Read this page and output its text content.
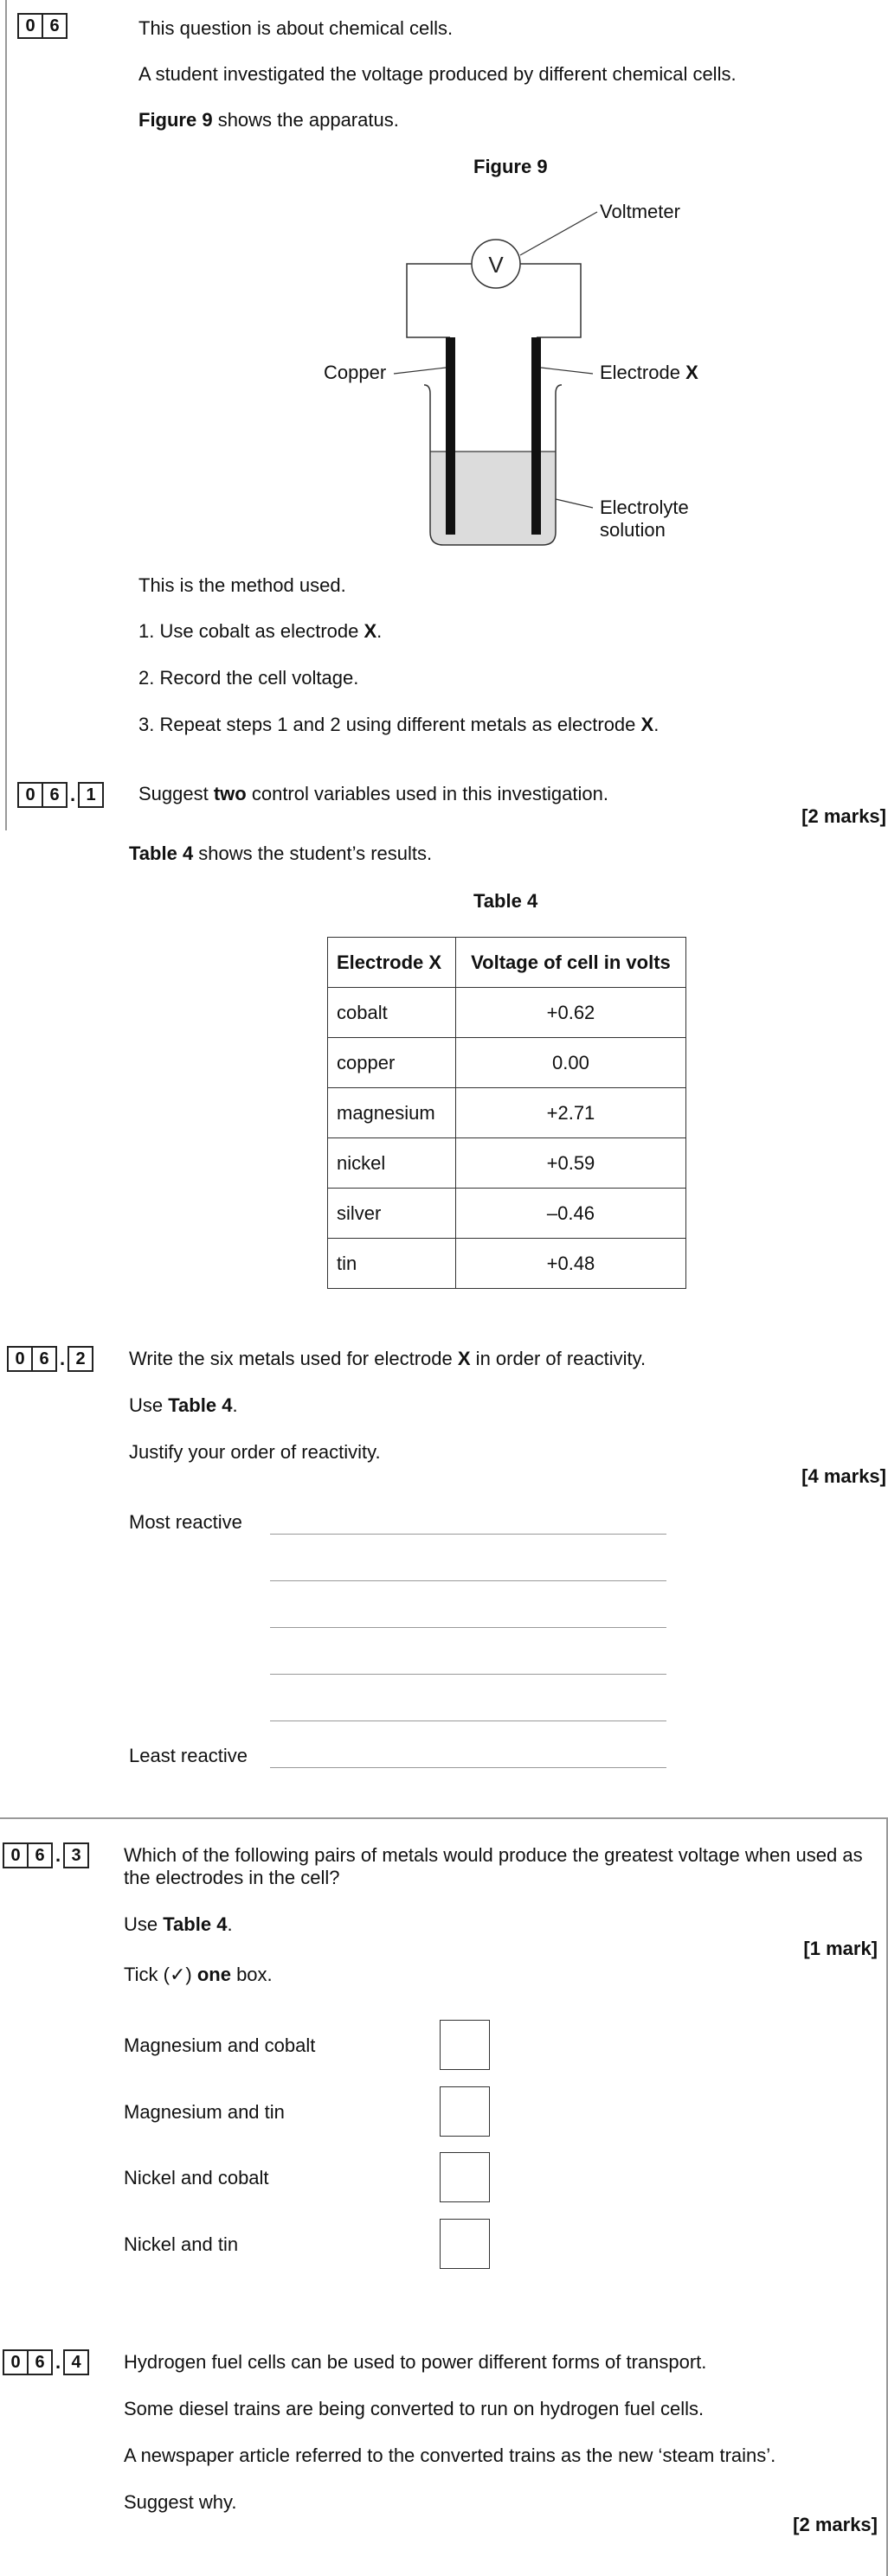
0 6	This question is about chemical cells.
A student investigated the voltage produced by different chemical cells.
Figure 9 shows the apparatus.
Figure 9
V
Voltmeter
Copper	Electrode X
Electrolyte
solution
This is the method used.
1. Use cobalt as electrode X.
2. Record the cell voltage.
3. Repeat steps 1 and 2 using different metals as electrode X.
0 6 . 1	Suggest two control variables used in this investigation.
[2 marks]
Table 4 shows the student’s results.
Table 4
Electrode X	Voltage of cell in volts
cobalt	+0.62
copper	0.00
magnesium	+2.71
nickel	+0.59
silver	–0.46
tin	+0.48
0 6 . 2	Write the six metals used for electrode X in order of reactivity.
Use Table 4.
Justify your order of reactivity.
[4 marks]
Most reactive
Least reactive
0 6 . 3	Which of the following pairs of metals would produce the greatest voltage when used as the electrodes in the cell?
Use Table 4.
[1 mark]
Tick (✓) one box.
Magnesium and cobalt
Magnesium and tin
Nickel and cobalt
Nickel and tin
0 6 . 4	Hydrogen fuel cells can be used to power different forms of transport.
Some diesel trains are being converted to run on hydrogen fuel cells.
A newspaper article referred to the converted trains as the new ‘steam trains’.
Suggest why.
[2 marks]
